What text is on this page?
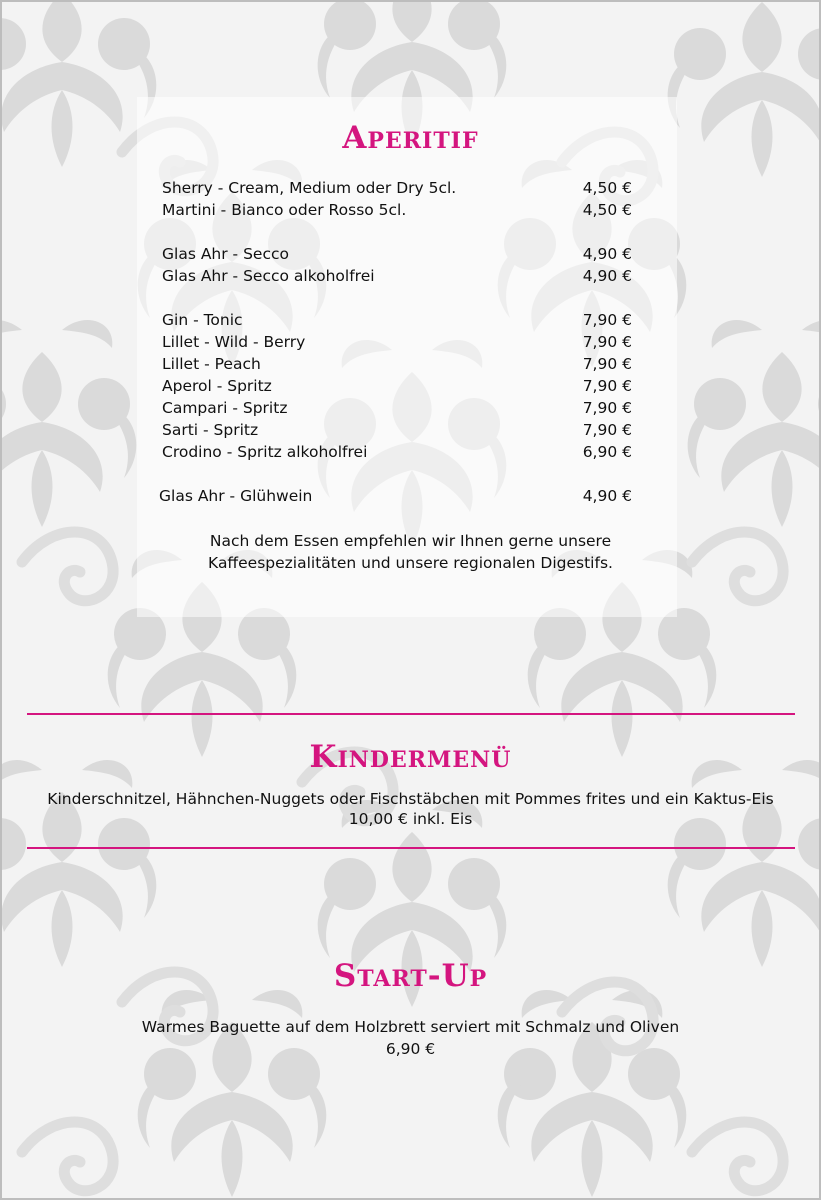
Aperitif
Sherry - Cream, Medium oder Dry 5cl.	4,50 €
Martini - Bianco oder Rosso 5cl.	4,50 €
Glas Ahr - Secco	4,90 €
Glas Ahr - Secco alkoholfrei	4,90 €
Gin - Tonic	7,90 €
Lillet - Wild - Berry	7,90 €
Lillet - Peach	7,90 €
Aperol - Spritz	7,90 €
Campari - Spritz	7,90 €
Sarti - Spritz	7,90 €
Crodino - Spritz alkoholfrei	6,90 €
Glas Ahr - Glühwein	4,90 €
Nach dem Essen empfehlen wir Ihnen gerne unsere
Kaffeespezialitäten und unsere regionalen Digestifs.
Kindermenü
Kinderschnitzel, Hähnchen-Nuggets oder Fischstäbchen mit Pommes frites und ein Kaktus-Eis
10,00 € inkl. Eis
Start-Up
Warmes Baguette auf dem Holzbrett serviert mit Schmalz und Oliven
6,90 €
